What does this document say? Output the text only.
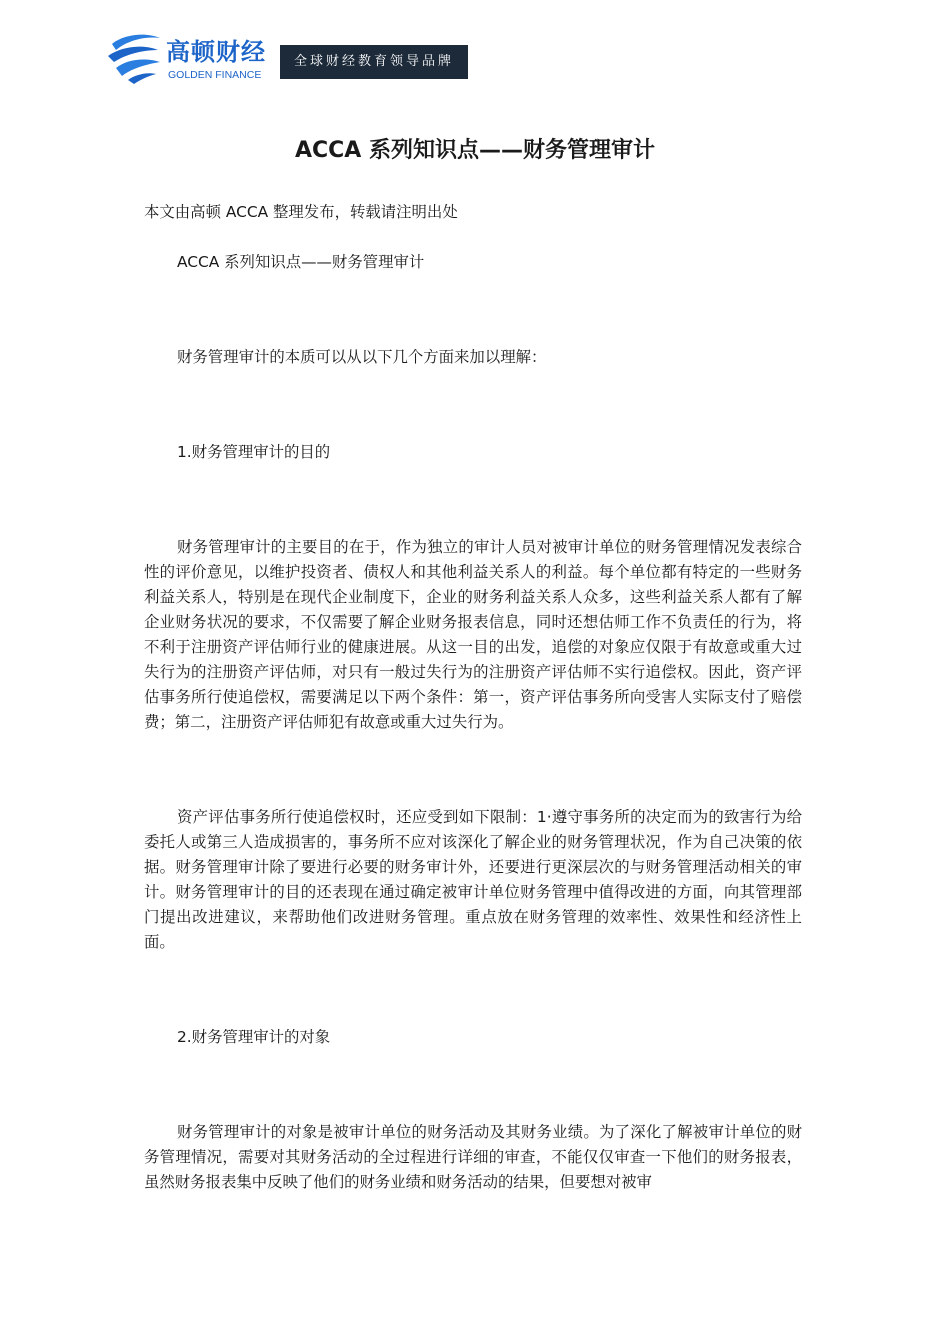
高顿财经
GOLDEN FINANCE
全球财经教育领导品牌
ACCA 系列知识点——财务管理审计

本文由高顿 ACCA 整理发布，转载请注明出处

ACCA 系列知识点——财务管理审计

财务管理审计的本质可以从以下几个方面来加以理解：

1.财务管理审计的目的

财务管理审计的主要目的在于，作为独立的审计人员对被审计单位的财务管理情况发表综合性的评价意见，以维护投资者、债权人和其他利益关系人的利益。每个单位都有特定的一些财务利益关系人，特别是在现代企业制度下，企业的财务利益关系人众多，这些利益关系人都有了解企业财务状况的要求，不仅需要了解企业财务报表信息，同时还想估师工作不负责任的行为，将不利于注册资产评估师行业的健康进展。从这一目的出发，追偿的对象应仅限于有故意或重大过失行为的注册资产评估师，对只有一般过失行为的注册资产评估师不实行追偿权。因此，资产评估事务所行使追偿权，需要满足以下两个条件：第一，资产评估事务所向受害人实际支付了赔偿费；第二，注册资产评估师犯有故意或重大过失行为。

资产评估事务所行使追偿权时，还应受到如下限制：1·遵守事务所的决定而为的致害行为给委托人或第三人造成损害的，事务所不应对该深化了解企业的财务管理状况，作为自己决策的依据。财务管理审计除了要进行必要的财务审计外，还要进行更深层次的与财务管理活动相关的审计。财务管理审计的目的还表现在通过确定被审计单位财务管理中值得改进的方面，向其管理部门提出改进建议，来帮助他们改进财务管理。重点放在财务管理的效率性、效果性和经济性上面。

2.财务管理审计的对象

财务管理审计的对象是被审计单位的财务活动及其财务业绩。为了深化了解被审计单位的财务管理情况，需要对其财务活动的全过程进行详细的审查，不能仅仅审查一下他们的财务报表，虽然财务报表集中反映了他们的财务业绩和财务活动的结果，但要想对被审
